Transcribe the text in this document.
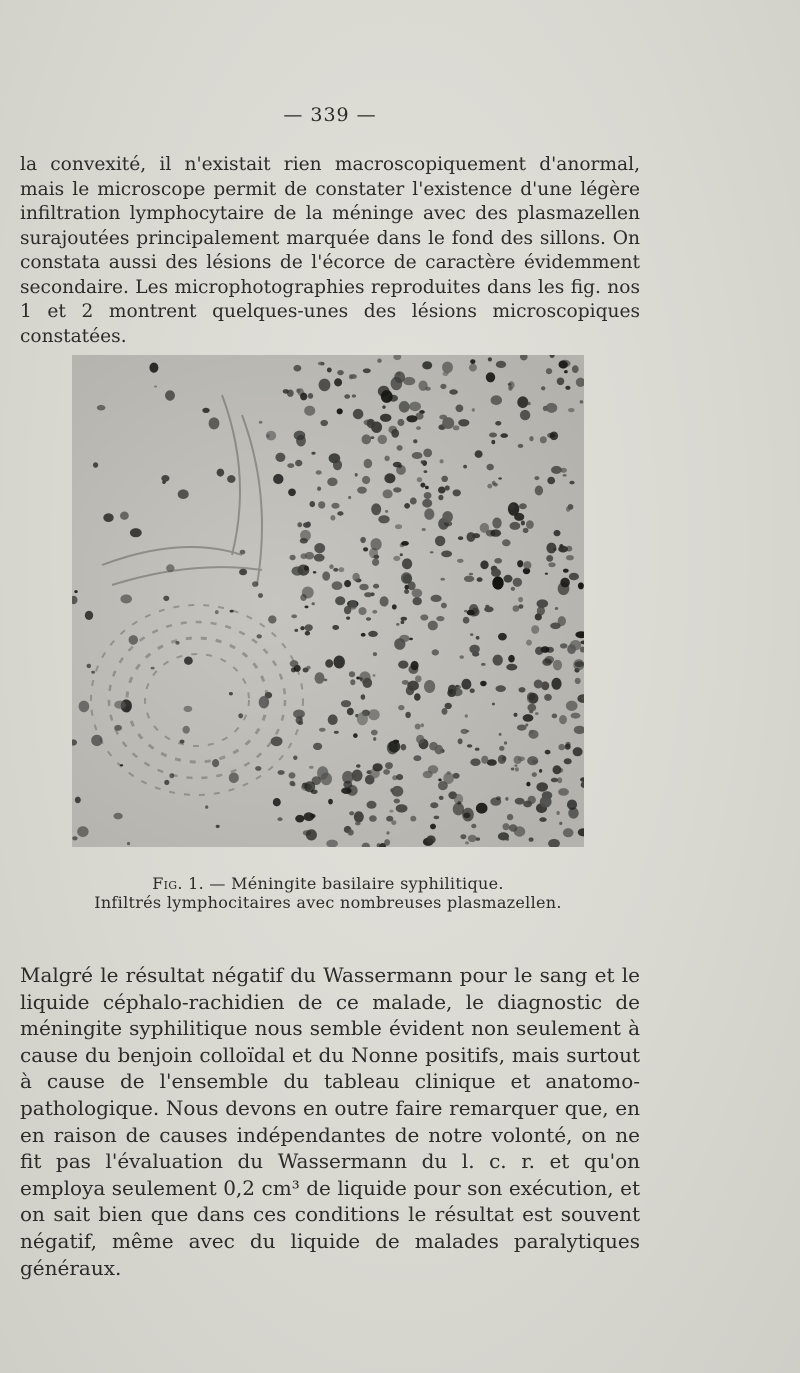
— 339 —

la convexité, il n'existait rien macroscopiquement d'anormal, mais le microscope permit de constater l'existence d'une légère infiltration lymphocytaire de la méninge avec des plasmazellen surajoutées principalement marquée dans le fond des sillons. On constata aussi des lésions de l'écorce de caractère évidemment secondaire. Les microphotographies reproduites dans les fig. nos 1 et 2 montrent quelques-unes des lésions microscopiques constatées.

Fig. 1. — Méningite basilaire syphilitique.
Infiltrés lymphocitaires avec nombreuses plasmazellen.

Malgré le résultat négatif du Wassermann pour le sang et le liquide céphalo-rachidien de ce malade, le diagnostic de méningite syphilitique nous semble évident non seulement à cause du benjoin colloïdal et du Nonne positifs, mais surtout à cause de l'ensemble du tableau clinique et anatomo-pathologique. Nous devons en outre faire remarquer que, en en raison de causes indépendantes de notre volonté, on ne fit pas l'évaluation du Wassermann du l. c. r. et qu'on employa seulement 0,2 cm³ de liquide pour son exécution, et on sait bien que dans ces conditions le résultat est souvent négatif, même avec du liquide de malades paralytiques généraux.
